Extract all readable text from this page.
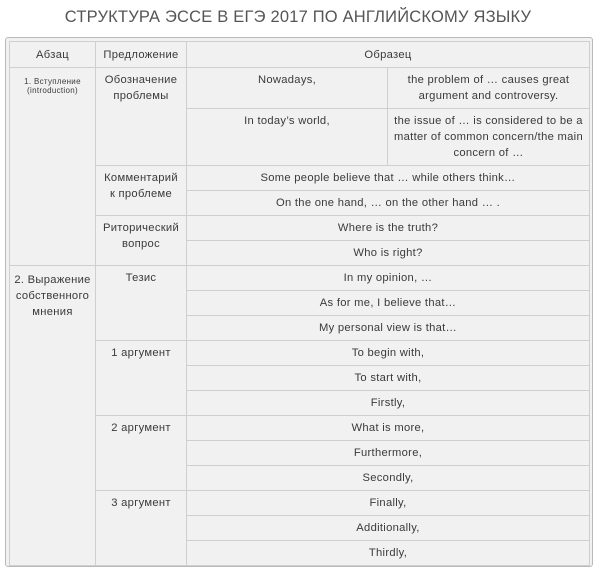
СТРУКТУРА ЭССЕ В ЕГЭ 2017 ПО АНГЛИЙСКОМУ ЯЗЫКУ
Абзац	Предложение	Образец	
1. Вступление (introduction)	Обозначение проблемы	Nowadays,	the problem of … causes great argument and controversy.
		In today’s world,	the issue of … is considered to be a matter of common concern/the main concern of …
	Комментарий к проблеме	Some people believe that … while others think…	
		On the one hand, … on the other hand … .	
	Риторический вопрос	Where is the truth?	
		Who is right?	
2. Выражение собственного мнения	Тезис	In my opinion, …	
		As for me, I believe that…	
		My personal view is that…	
	1 аргумент	To begin with,	
		To start with,	
		Firstly,	
	2 аргумент	What is more,	
		Furthermore,	
		Secondly,	
	3 аргумент	Finally,	
		Additionally,	
		Thirdly,	
